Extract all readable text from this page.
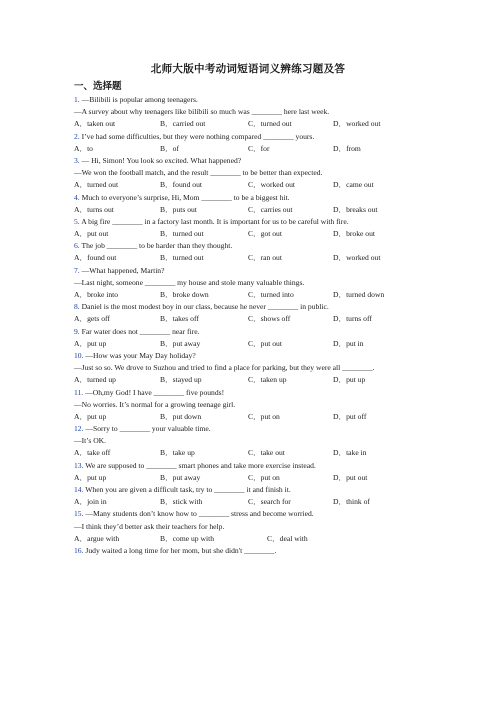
北师大版中考动词短语词义辨练习题及答
一、选择题
1. —Bilibili is popular among teenagers.
—A survey about why teenagers like bilibili so much was ________ here last week.
A．taken out	B．carried out	C．turned out	D．worked out
2. I’ve had some difficulties, but they were nothing compared ________ yours.
A．to	B．of	C．for	D．from
3. — Hi, Simon! You look so excited. What happened?
—We won the football match, and the result ________ to be better than expected.
A．turned out	B．found out	C．worked out	D．came out
4. Much to everyone’s surprise, Hi, Mom ________ to be a biggest hit.
A．turns out	B．puts out	C．carries out	D．breaks out
5. A big fire ________ in a factory last month. It is important for us to be careful with fire.
A．put out	B．turned out	C．got out	D．broke out
6. The job ________ to be harder than they thought.
A．found out	B．turned out	C．ran out	D．worked out
7. —What happened, Martin?
—Last night, someone ________ my house and stole many valuable things.
A．broke into	B．broke down	C．turned into	D．turned down
8. Daniel is the most modest boy in our class, because he never ________ in public.
A．gets off	B．takes off	C．shows off	D．turns off
9. Far water does not ________ near fire.
A．put up	B．put away	C．put out	D．put in
10. —How was your May Day holiday?
—Just so so. We drove to Suzhou and tried to find a place for parking, but they were all ________.
A．turned up	B．stayed up	C．taken up	D．put up
11. —Oh,my God! I have ________ five pounds!
—No worries. It’s normal for a growing teenage girl.
A．put up	B．put down	C．put on	D．put off
12. —Sorry to ________ your valuable time.
—It’s OK.
A．take off	B．take up	C．take out	D．take in
13. We are supposed to ________ smart phones and take more exercise instead.
A．put up	B．put away	C．put on	D．put out
14. When you are given a difficult task, try to ________ it and finish it.
A．join in	B．stick with	C．search for	D．think of
15. —Many students don’t know how to ________ stress and become worried.
—I think they’d better ask their teachers for help.
A．argue with	B．come up with	C．deal with
16. Judy waited a long time for her mom, but she didn't ________.
